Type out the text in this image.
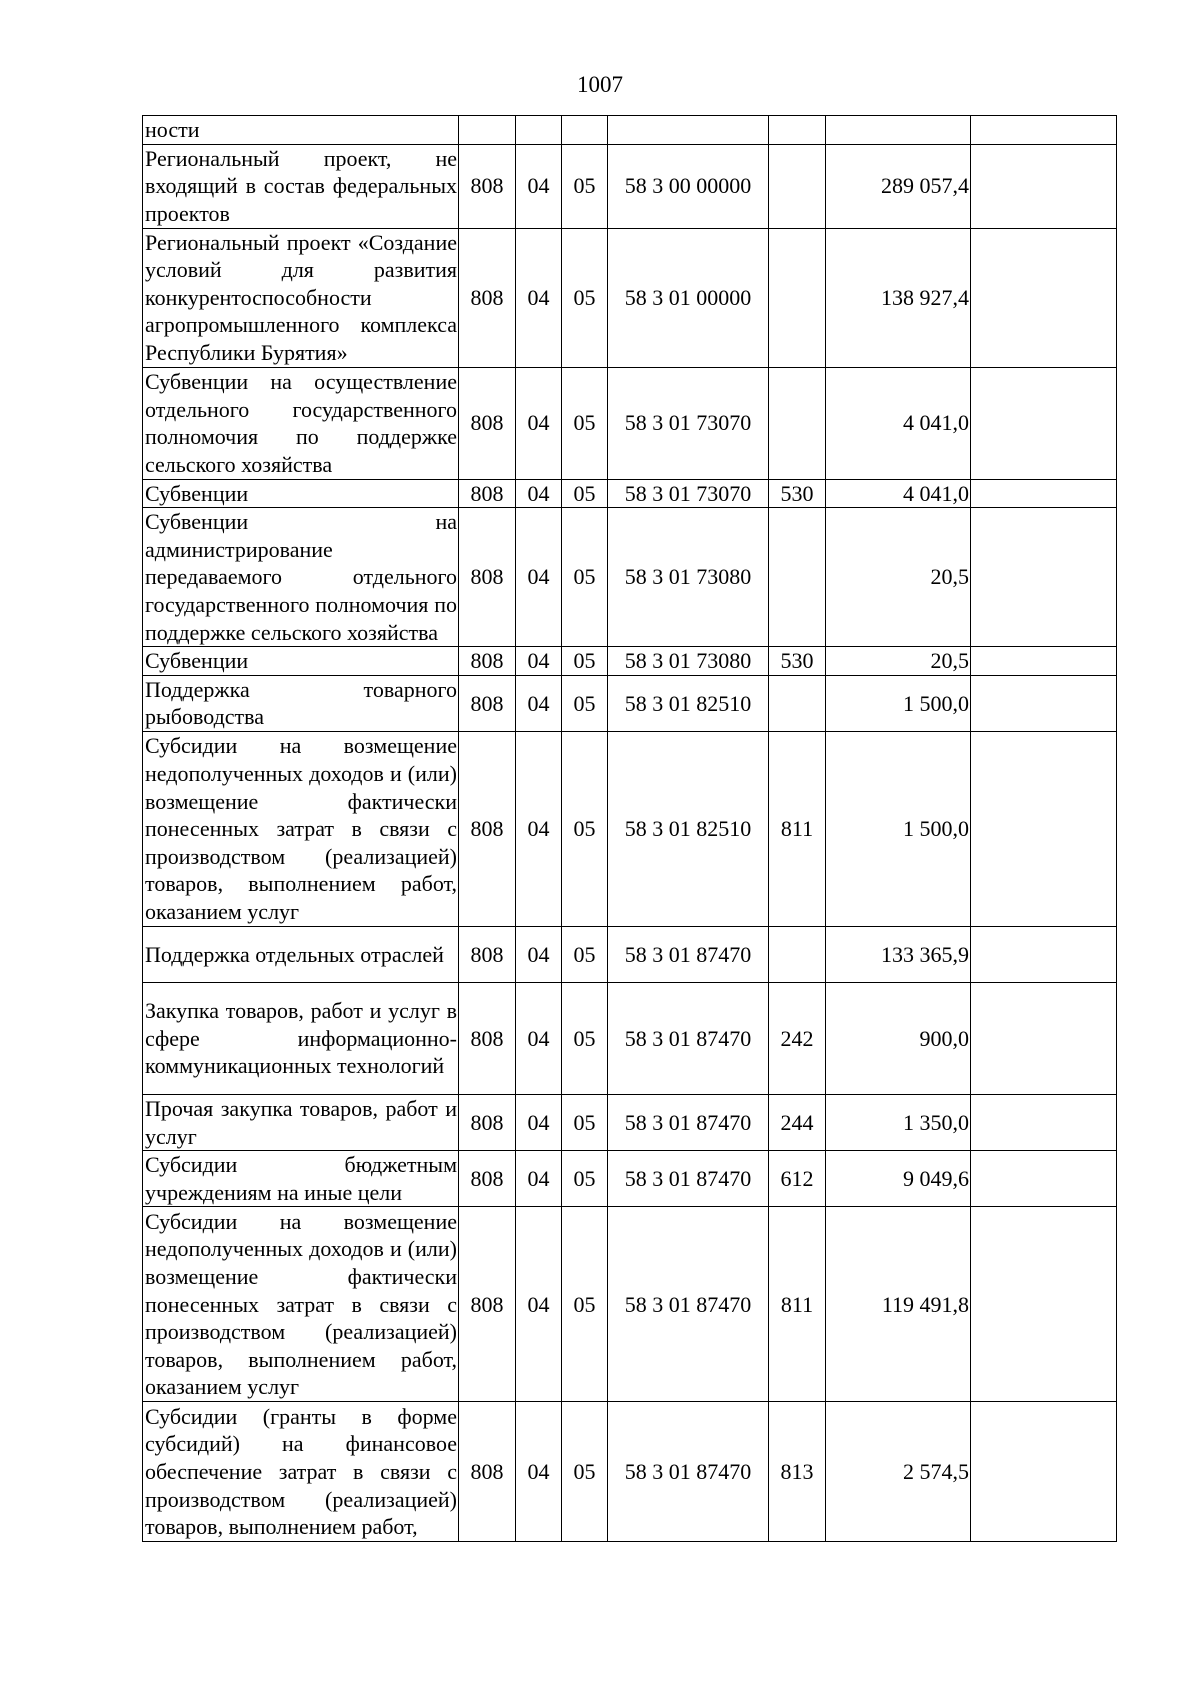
1007
ности							
Региональный проект, не входящий в состав федеральных проектов	808	04	05	58 3 00 00000		289 057,4	
Региональный проект «Создание условий для развития конкурентоспособности агропромышленного комплекса Республики Бурятия»	808	04	05	58 3 01 00000		138 927,4	
Субвенции на осуществление отдельного государственного полномочия по поддержке сельского хозяйства	808	04	05	58 3 01 73070		4 041,0	
Субвенции	808	04	05	58 3 01 73070	530	4 041,0	
Субвенции на администрирование передаваемого отдельного государственного полномочия по поддержке сельского хозяйства	808	04	05	58 3 01 73080		20,5	
Субвенции	808	04	05	58 3 01 73080	530	20,5	
Поддержка товарного рыбоводства	808	04	05	58 3 01 82510		1 500,0	
Субсидии на возмещение недополученных доходов и (или) возмещение фактически понесенных затрат в связи с производством (реализацией) товаров, выполнением работ, оказанием услуг	808	04	05	58 3 01 82510	811	1 500,0	
Поддержка отдельных отраслей	808	04	05	58 3 01 87470		133 365,9	
Закупка товаров, работ и услуг в сфере информационно-коммуникационных технологий	808	04	05	58 3 01 87470	242	900,0	
Прочая закупка товаров, работ и услуг	808	04	05	58 3 01 87470	244	1 350,0	
Субсидии бюджетным учреждениям на иные цели	808	04	05	58 3 01 87470	612	9 049,6	
Субсидии на возмещение недополученных доходов и (или) возмещение фактически понесенных затрат в связи с производством (реализацией) товаров, выполнением работ, оказанием услуг	808	04	05	58 3 01 87470	811	119 491,8	
Субсидии (гранты в форме субсидий) на финансовое обеспечение затрат в связи с производством (реализацией) товаров, выполнением работ,	808	04	05	58 3 01 87470	813	2 574,5	
